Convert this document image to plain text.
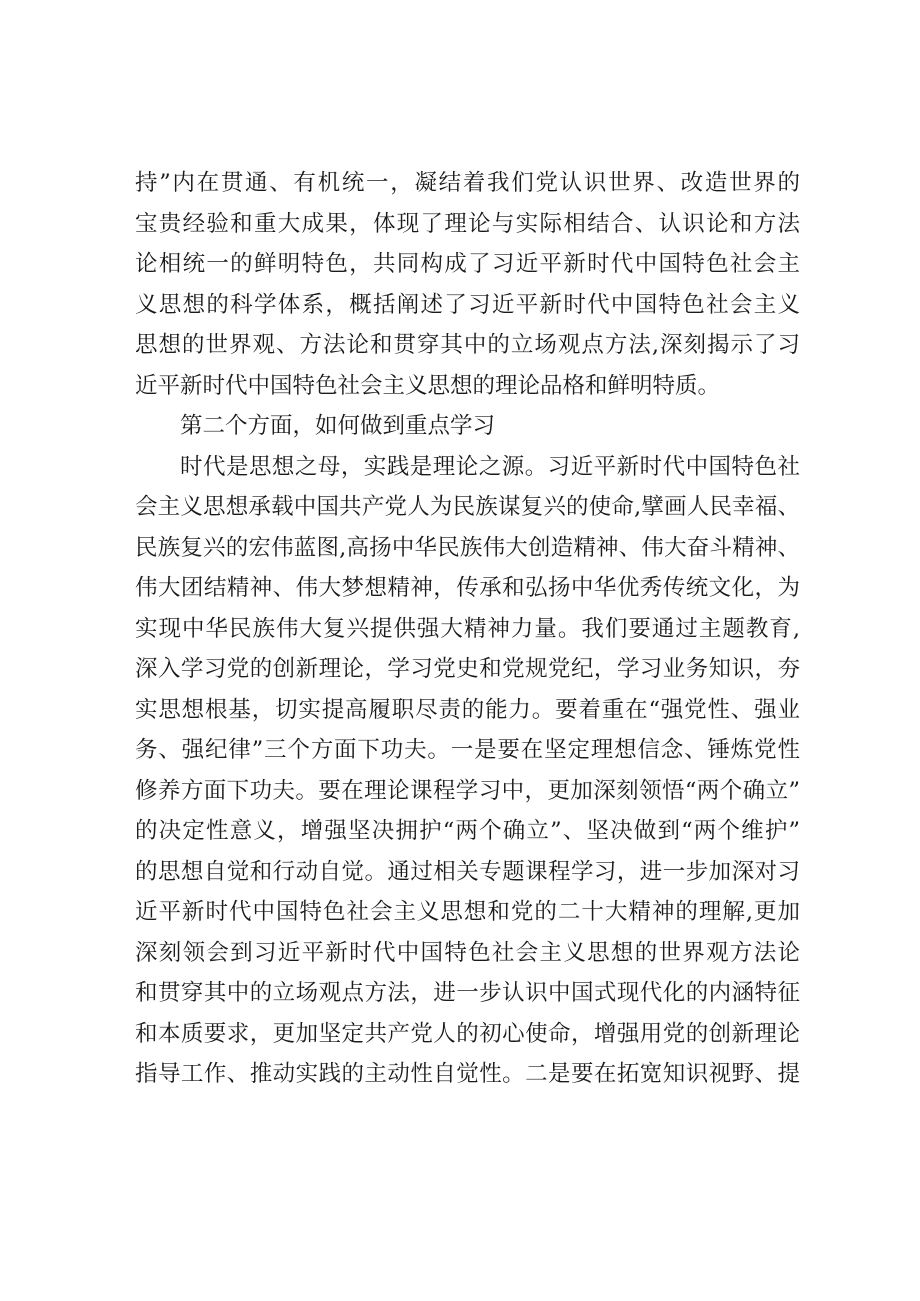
持”内在贯通、有机统一，凝结着我们党认识世界、改造世界的
宝贵经验和重大成果，体现了理论与实际相结合、认识论和方法
论相统一的鲜明特色，共同构成了习近平新时代中国特色社会主
义思想的科学体系，概括阐述了习近平新时代中国特色社会主义
思想的世界观、方法论和贯穿其中的立场观点方法,深刻揭示了习
近平新时代中国特色社会主义思想的理论品格和鲜明特质。
第二个方面，如何做到重点学习
时代是思想之母，实践是理论之源。习近平新时代中国特色社
会主义思想承载中国共产党人为民族谋复兴的使命,擘画人民幸福、
民族复兴的宏伟蓝图,高扬中华民族伟大创造精神、伟大奋斗精神、
伟大团结精神、伟大梦想精神，传承和弘扬中华优秀传统文化，为
实现中华民族伟大复兴提供强大精神力量。我们要通过主题教育,
深入学习党的创新理论，学习党史和党规党纪，学习业务知识，夯
实思想根基，切实提高履职尽责的能力。要着重在“强党性、强业
务、强纪律”三个方面下功夫。一是要在坚定理想信念、锤炼党性
修养方面下功夫。要在理论课程学习中，更加深刻领悟“两个确立”
的决定性意义，增强坚决拥护“两个确立”、坚决做到“两个维护”
的思想自觉和行动自觉。通过相关专题课程学习，进一步加深对习
近平新时代中国特色社会主义思想和党的二十大精神的理解,更加
深刻领会到习近平新时代中国特色社会主义思想的世界观方法论
和贯穿其中的立场观点方法，进一步认识中国式现代化的内涵特征
和本质要求，更加坚定共产党人的初心使命，增强用党的创新理论
指导工作、推动实践的主动性自觉性。二是要在拓宽知识视野、提
